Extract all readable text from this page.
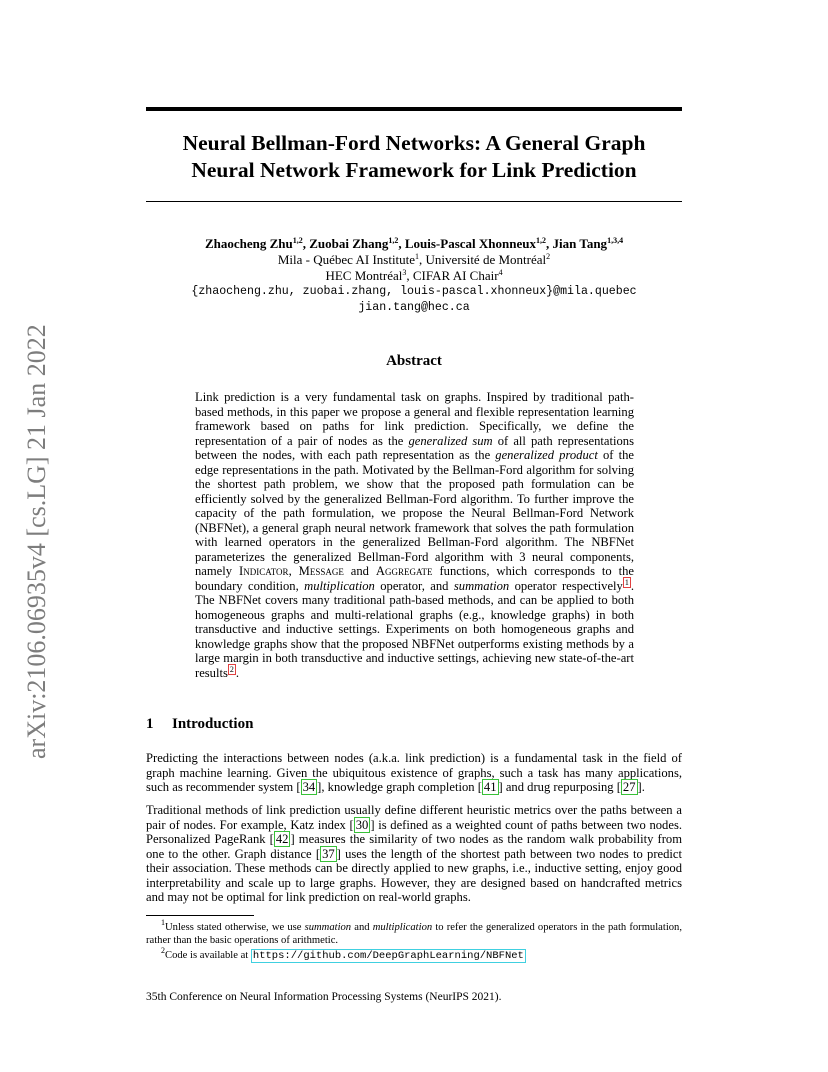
arXiv:2106.06935v4 [cs.LG] 21 Jan 2022
Neural Bellman-Ford Networks: A General Graph
Neural Network Framework for Link Prediction
Zhaocheng Zhu$^{1,2}$, Zuobai Zhang$^{1,2}$, Louis-Pascal Xhonneux$^{1,2}$, Jian Tang$^{1,3,4}$
Mila - Québec AI Institute$^1$, Université de Montréal$^2$
HEC Montréal$^3$, CIFAR AI Chair$^4$
{zhaocheng.zhu, zuobai.zhang, louis-pascal.xhonneux}@mila.quebec
jian.tang@hec.ca
Abstract
Link prediction is a very fundamental task on graphs. Inspired by traditional path-based methods, in this paper we propose a general and flexible representation learning framework based on paths for link prediction. Specifically, we define the representation of a pair of nodes as the generalized sum of all path representations between the nodes, with each path representation as the generalized product of the edge representations in the path. Motivated by the Bellman-Ford algorithm for solving the shortest path problem, we show that the proposed path formulation can be efficiently solved by the generalized Bellman-Ford algorithm. To further improve the capacity of the path formulation, we propose the Neural Bellman-Ford Network (NBFNet), a general graph neural network framework that solves the path formulation with learned operators in the generalized Bellman-Ford algorithm. The NBFNet parameterizes the generalized Bellman-Ford algorithm with 3 neural components, namely Indicator, Message and Aggregate functions, which corresponds to the boundary condition, multiplication operator, and summation operator respectively $^1$ . The NBFNet covers many traditional path-based methods, and can be applied to both homogeneous graphs and multi-relational graphs (e.g., knowledge graphs) in both transductive and inductive settings. Experiments on both homogeneous graphs and knowledge graphs show that the proposed NBFNet outperforms existing methods by a large margin in both transductive and inductive settings, achieving new state-of-the-art results $^2$ .
1 Introduction
Predicting the interactions between nodes (a.k.a. link prediction) is a fundamental task in the field of graph machine learning. Given the ubiquitous existence of graphs, such a task has many applications, such as recommender system [ 34 ], knowledge graph completion [ 41 ] and drug repurposing [ 27 ].
Traditional methods of link prediction usually define different heuristic metrics over the paths between a pair of nodes. For example, Katz index [ 30 ] is defined as a weighted count of paths between two nodes. Personalized PageRank [ 42 ] measures the similarity of two nodes as the random walk probability from one to the other. Graph distance [ 37 ] uses the length of the shortest path between two nodes to predict their association. These methods can be directly applied to new graphs, i.e., inductive setting, enjoy good interpretability and scale up to large graphs. However, they are designed based on handcrafted metrics and may not be optimal for link prediction on real-world graphs.
$^1$Unless stated otherwise, we use summation and multiplication to refer the generalized operators in the path formulation, rather than the basic operations of arithmetic.
$^2$Code is available at https://github.com/DeepGraphLearning/NBFNet
35th Conference on Neural Information Processing Systems (NeurIPS 2021).
